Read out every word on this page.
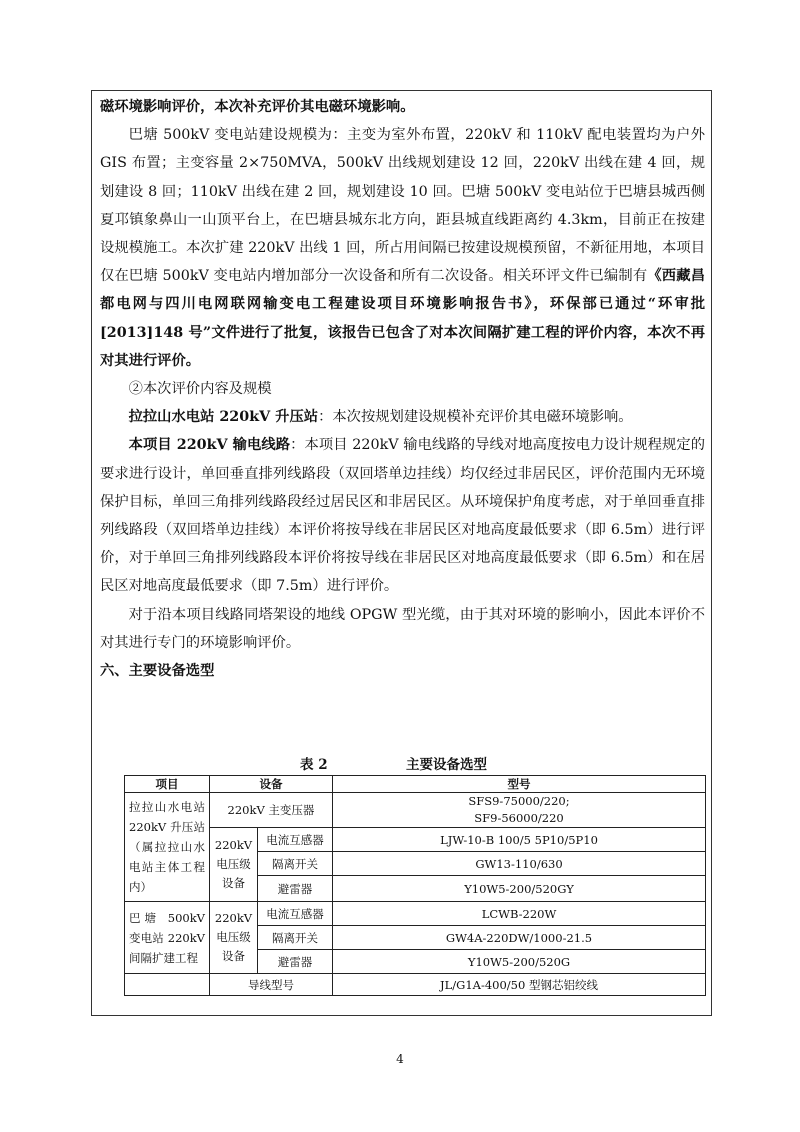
磁环境影响评价，本次补充评价其电磁环境影响。

巴塘 500kV 变电站建设规模为：主变为室外布置，220kV 和 110kV 配电装置均为户外 GIS 布置；主变容量 2×750MVA，500kV 出线规划建设 12 回，220kV 出线在建 4 回，规划建设 8 回；110kV 出线在建 2 回，规划建设 10 回。巴塘 500kV 变电站位于巴塘县城西侧夏邛镇象鼻山一山顶平台上，在巴塘县城东北方向，距县城直线距离约 4.3km，目前正在按建设规模施工。本次扩建 220kV 出线 1 回，所占用间隔已按建设规模预留，不新征用地，本项目仅在巴塘 500kV 变电站内增加部分一次设备和所有二次设备。相关环评文件已编制有《西藏昌都电网与四川电网联网输变电工程建设项目环境影响报告书》，环保部已通过“环审批[2013]148 号”文件进行了批复，该报告已包含了对本次间隔扩建工程的评价内容，本次不再对其进行评价。

②本次评价内容及规模

拉拉山水电站 220kV 升压站：本次按规划建设规模补充评价其电磁环境影响。

本项目 220kV 输电线路：本项目 220kV 输电线路的导线对地高度按电力设计规程规定的要求进行设计，单回垂直排列线路段（双回塔单边挂线）均仅经过非居民区，评价范围内无环境保护目标，单回三角排列线路段经过居民区和非居民区。从环境保护角度考虑，对于单回垂直排列线路段（双回塔单边挂线）本评价将按导线在非居民区对地高度最低要求（即 6.5m）进行评价，对于单回三角排列线路段本评价将按导线在非居民区对地高度最低要求（即 6.5m）和在居民区对地高度最低要求（即 7.5m）进行评价。

对于沿本项目线路同塔架设的地线 OPGW 型光缆，由于其对环境的影响小，因此本评价不对其进行专门的环境影响评价。

六、主要设备选型

表 2	主要设备选型
项目	设备		型号
拉拉山水电站 220kV 升压站（属拉拉山水电站主体工程内）	220kV 主变压器		SFS9-75000/220;
SF9-56000/220

	220kV 电压级设备	电流互感器	LJW-10-B 100/5 5P10/5P10
		隔离开关	GW13-110/630
		避雷器	Y10W5-200/520GY
巴塘 500kV 变电站 220kV 间隔扩建工程	220kV 电压级设备	电流互感器	LCWB-220W
		隔离开关	GW4A-220DW/1000-21.5
		避雷器	Y10W5-200/520G
	导线型号		JL/G1A-400/50 型钢芯铝绞线
4
